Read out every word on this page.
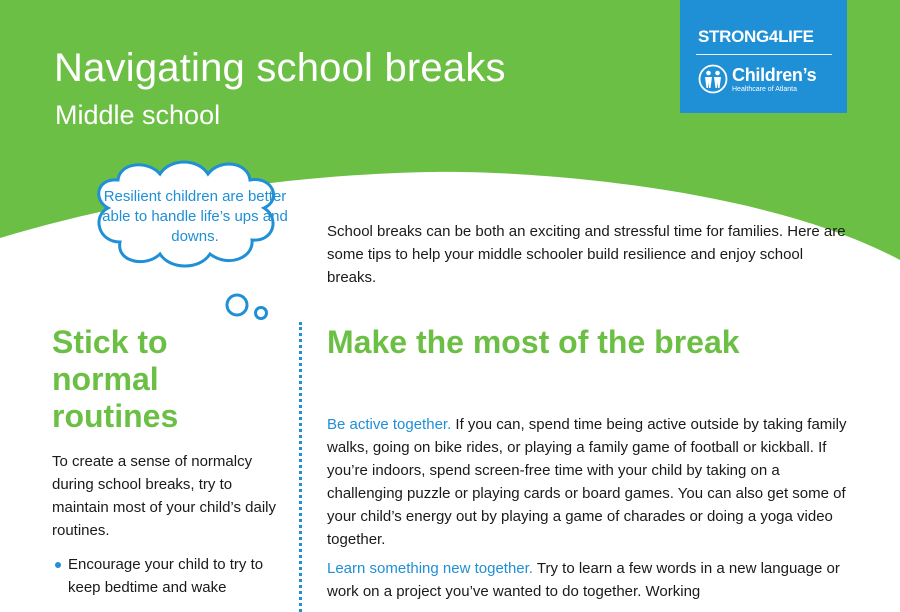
Navigating school breaks
Middle school
STRONG4LIFE
Children’s
Healthcare of Atlanta
Resilient children are better able to handle life’s ups and downs.	School breaks can be both an exciting and stressful time for families. Here are some tips to help your middle schooler build resilience and enjoy school breaks.
Stick to normal routines
To create a sense of normalcy during school breaks, try to maintain most of your child’s daily routines.
Encourage your child to try to keep bedtime and wake
Make the most of the break
Be active together. If you can, spend time being active outside by taking family walks, going on bike rides, or playing a family game of football or kickball. If you’re indoors, spend screen-free time with your child by taking on a challenging puzzle or playing cards or board games. You can also get some of your child’s energy out by playing a game of charades or doing a yoga video together.
Learn something new together. Try to learn a few words in a new language or work on a project you’ve wanted to do together. Working
